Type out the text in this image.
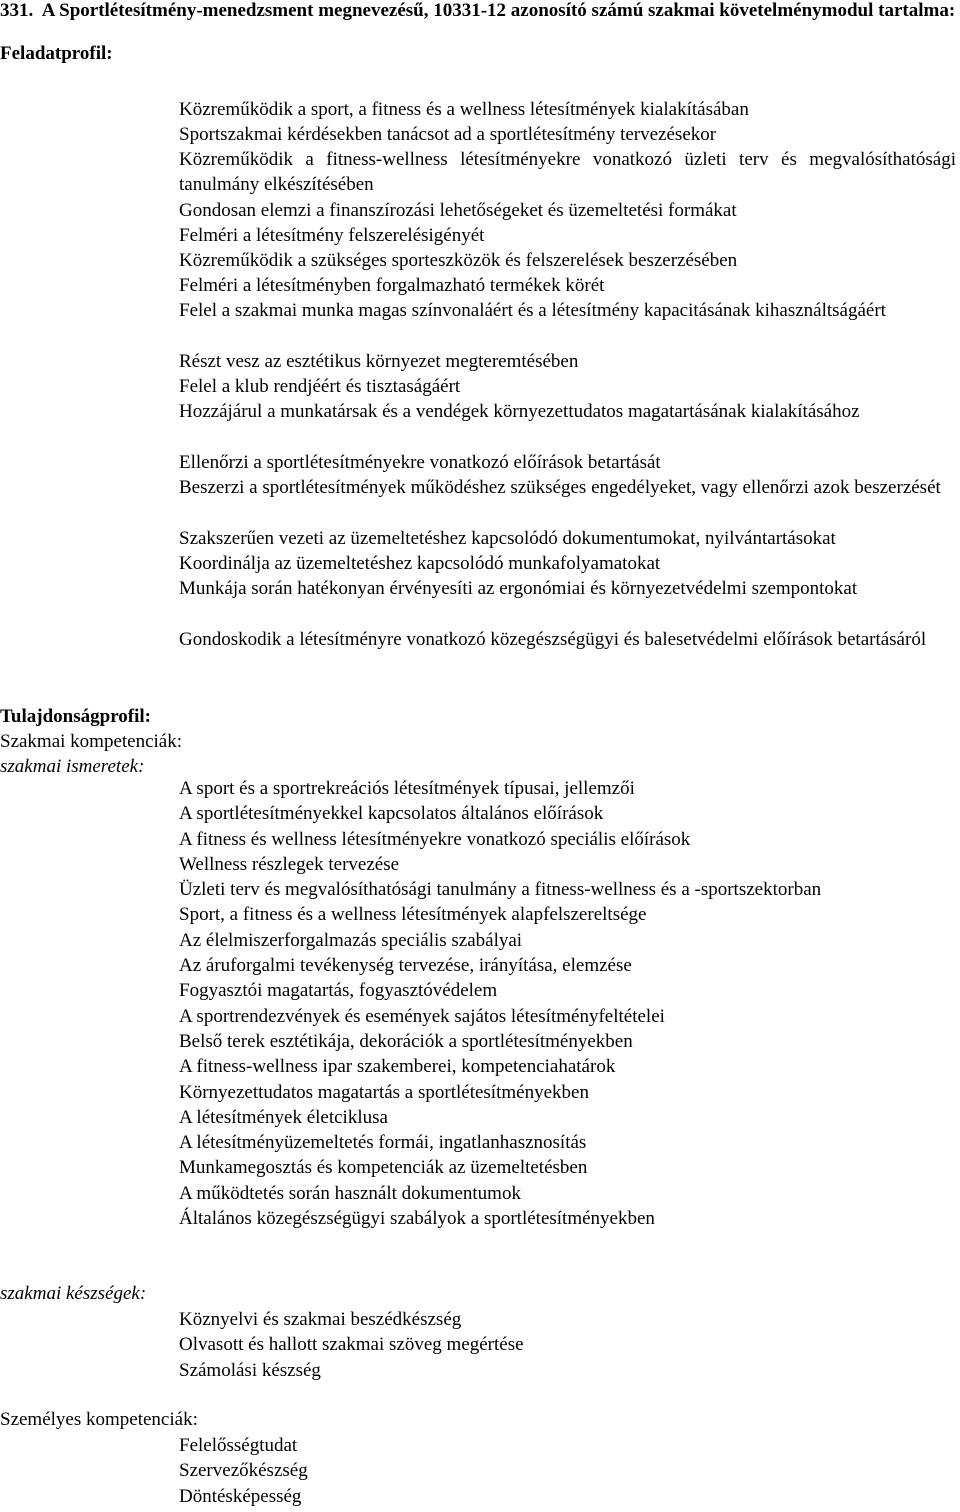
331. A Sportlétesítmény-menedzsment megnevezésű, 10331-12 azonosító számú szakmai követelménymodul tartalma:
Feladatprofil:
Közreműködik a sport, a fitness és a wellness létesítmények kialakításában
Sportszakmai kérdésekben tanácsot ad a sportlétesítmény tervezésekor
Közreműködik a fitness-wellness létesítményekre vonatkozó üzleti terv és megvalósíthatósági tanulmány elkészítésében
Gondosan elemzi a finanszírozási lehetőségeket és üzemeltetési formákat
Felméri a létesítmény felszerelésigényét
Közreműködik a szükséges sporteszközök és felszerelések beszerzésében
Felméri a létesítményben forgalmazható termékek körét
Felel a szakmai munka magas színvonaláért és a létesítmény kapacitásának kihasználtságáért
Részt vesz az esztétikus környezet megteremtésében
Felel a klub rendjéért és tisztaságáért
Hozzájárul a munkatársak és a vendégek környezettudatos magatartásának kialakításához
Ellenőrzi a sportlétesítményekre vonatkozó előírások betartását
Beszerzi a sportlétesítmények működéshez szükséges engedélyeket, vagy ellenőrzi azok beszerzését
Szakszerűen vezeti az üzemeltetéshez kapcsolódó dokumentumokat, nyilvántartásokat
Koordinálja az üzemeltetéshez kapcsolódó munkafolyamatokat
Munkája során hatékonyan érvényesíti az ergonómiai és környezetvédelmi szempontokat
Gondoskodik a létesítményre vonatkozó közegészségügyi és balesetvédelmi előírások betartásáról
Tulajdonságprofil:
Szakmai kompetenciák:
szakmai ismeretek:
A sport és a sportrekreációs létesítmények típusai, jellemzői
A sportlétesítményekkel kapcsolatos általános előírások
A fitness és wellness létesítményekre vonatkozó speciális előírások
Wellness részlegek tervezése
Üzleti terv és megvalósíthatósági tanulmány a fitness-wellness és a -sportszektorban
Sport, a fitness és a wellness létesítmények alapfelszereltsége
Az élelmiszerforgalmazás speciális szabályai
Az áruforgalmi tevékenység tervezése, irányítása, elemzése
Fogyasztói magatartás, fogyasztóvédelem
A sportrendezvények és események sajátos létesítményfeltételei
Belső terek esztétikája, dekorációk a sportlétesítményekben
A fitness-wellness ipar szakemberei, kompetenciahatárok
Környezettudatos magatartás a sportlétesítményekben
A létesítmények életciklusa
A létesítményüzemeltetés formái, ingatlanhasznosítás
Munkamegosztás és kompetenciák az üzemeltetésben
A működtetés során használt dokumentumok
Általános közegészségügyi szabályok a sportlétesítményekben
szakmai készségek:
Köznyelvi és szakmai beszédkészség
Olvasott és hallott szakmai szöveg megértése
Számolási készség
Személyes kompetenciák:
Felelősségtudat
Szervezőkészség
Döntésképesség
